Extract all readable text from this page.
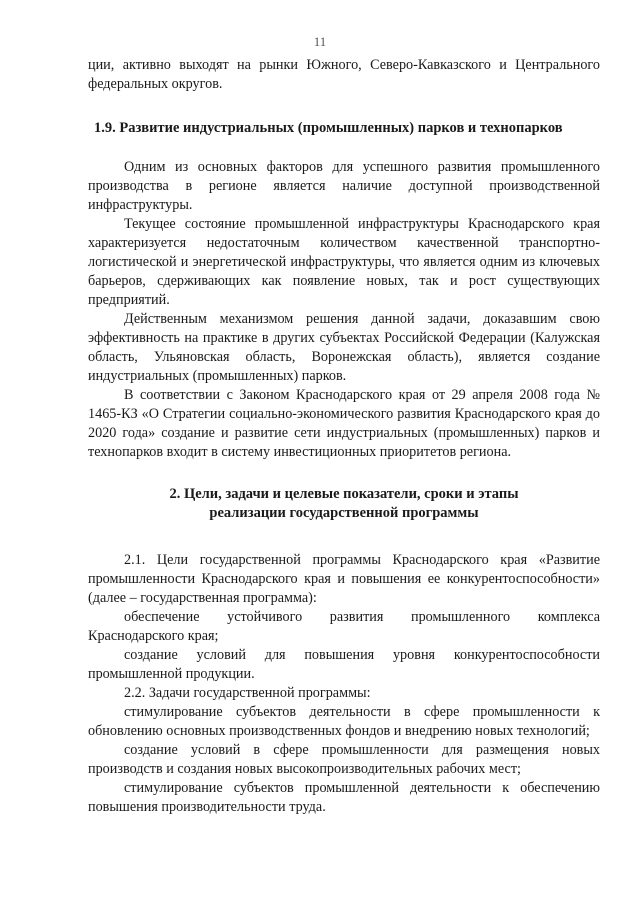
11

ции, активно выходят на рынки Южного, Северо-Кавказского и Центрального федеральных округов.

1.9. Развитие индустриальных (промышленных) парков и технопарков

Одним из основных факторов для успешного развития промышленного производства в регионе является наличие доступной производственной инфраструктуры.

Текущее состояние промышленной инфраструктуры Краснодарского края характеризуется недостаточным количеством качественной транспортно-логистической и энергетической инфраструктуры, что является одним из ключевых барьеров, сдерживающих как появление новых, так и рост существующих предприятий.

Действенным механизмом решения данной задачи, доказавшим свою эффективность на практике в других субъектах Российской Федерации (Калужская область, Ульяновская область, Воронежская область), является создание индустриальных (промышленных) парков.

В соответствии с Законом Краснодарского края от 29 апреля 2008 года № 1465-КЗ «О Стратегии социально-экономического развития Краснодарского края до 2020 года» создание и развитие сети индустриальных (промышленных) парков и технопарков входит в систему инвестиционных приоритетов региона.

2. Цели, задачи и целевые показатели, сроки и этапы
реализации государственной программы

2.1. Цели государственной программы Краснодарского края «Развитие промышленности Краснодарского края и повышения ее конкурентоспособности» (далее – государственная программа):

обеспечение устойчивого развития промышленного комплекса Краснодарского края;

создание условий для повышения уровня конкурентоспособности промышленной продукции.

2.2. Задачи государственной программы:

стимулирование субъектов деятельности в сфере промышленности к обновлению основных производственных фондов и внедрению новых технологий;

создание условий в сфере промышленности для размещения новых производств и создания новых высокопроизводительных рабочих мест;

стимулирование субъектов промышленной деятельности к обеспечению повышения производительности труда.
